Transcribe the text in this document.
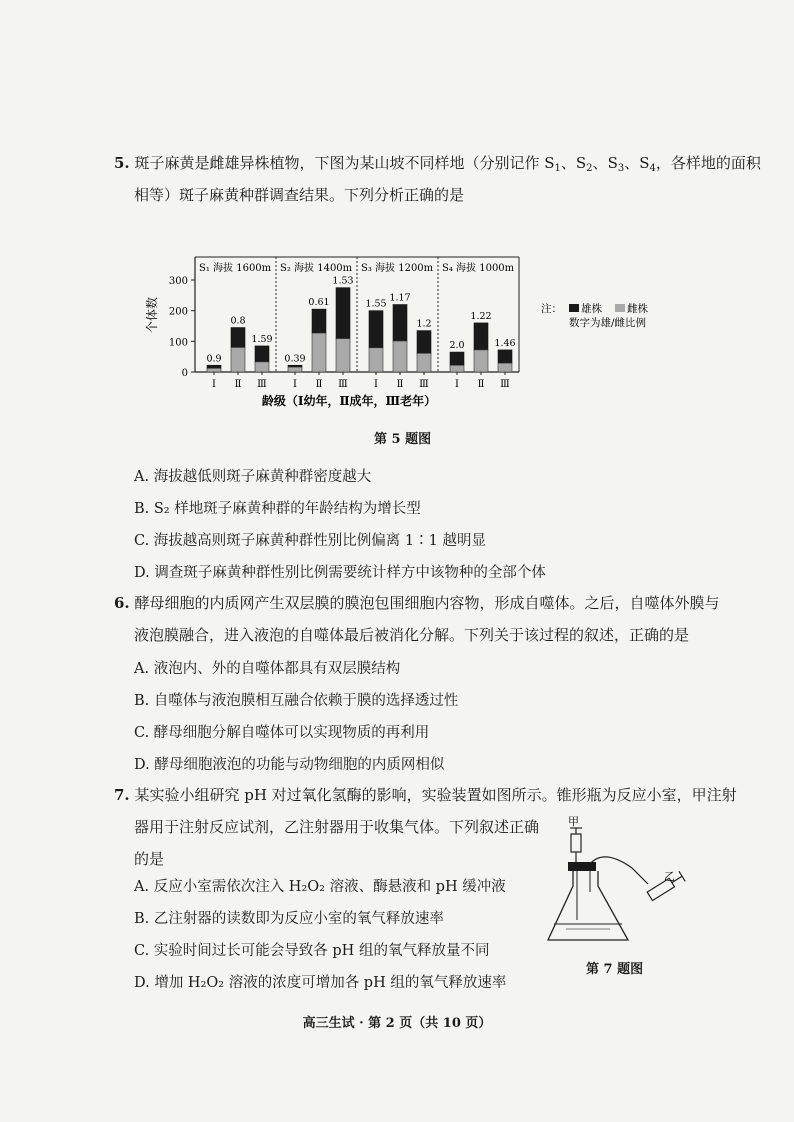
5. 斑子麻黄是雌雄异株植物，下图为某山坡不同样地（分别记作 $S_1$、$S_2$、$S_3$、$S_4$，各样地的面积
相等）斑子麻黄种群调查结果。下列分析正确的是
0
100
200
300
个体数
S₁ 海拔 1600m
0.9
Ⅰ
0.8
Ⅱ
1.59
Ⅲ
S₂ 海拔 1400m
0.39
Ⅰ
0.61
Ⅱ
1.53
Ⅲ
S₃ 海拔 1200m
1.55
Ⅰ
1.17
Ⅱ
1.2
Ⅲ
S₄ 海拔 1000m
2.0
Ⅰ
1.22
Ⅱ
1.46
Ⅲ
龄级（Ⅰ幼年，Ⅱ成年，Ⅲ老年）
注： 雄株 雌株
数字为雄/雌比例
第 5 题图
A. 海拔越低则斑子麻黄种群密度越大
B. S₂ 样地斑子麻黄种群的年龄结构为增长型
C. 海拔越高则斑子麻黄种群性别比例偏离 1∶1 越明显
D. 调查斑子麻黄种群性别比例需要统计样方中该物种的全部个体
6. 酵母细胞的内质网产生双层膜的膜泡包围细胞内容物，形成自噬体。之后，自噬体外膜与
液泡膜融合，进入液泡的自噬体最后被消化分解。下列关于该过程的叙述，正确的是
A. 液泡内、外的自噬体都具有双层膜结构
B. 自噬体与液泡膜相互融合依赖于膜的选择透过性
C. 酵母细胞分解自噬体可以实现物质的再利用
D. 酵母细胞液泡的功能与动物细胞的内质网相似
7. 某实验小组研究 pH 对过氧化氢酶的影响，实验装置如图所示。锥形瓶为反应小室，甲注射
器用于注射反应试剂，乙注射器用于收集气体。下列叙述正确
的是
A. 反应小室需依次注入 H₂O₂ 溶液、酶悬液和 pH 缓冲液
B. 乙注射器的读数即为反应小室的氧气释放速率
C. 实验时间过长可能会导致各 pH 组的氧气释放量不同
D. 增加 H₂O₂ 溶液的浓度可增加各 pH 组的氧气释放速率
甲
乙
第 7 题图
高三生试 · 第 2 页（共 10 页）
